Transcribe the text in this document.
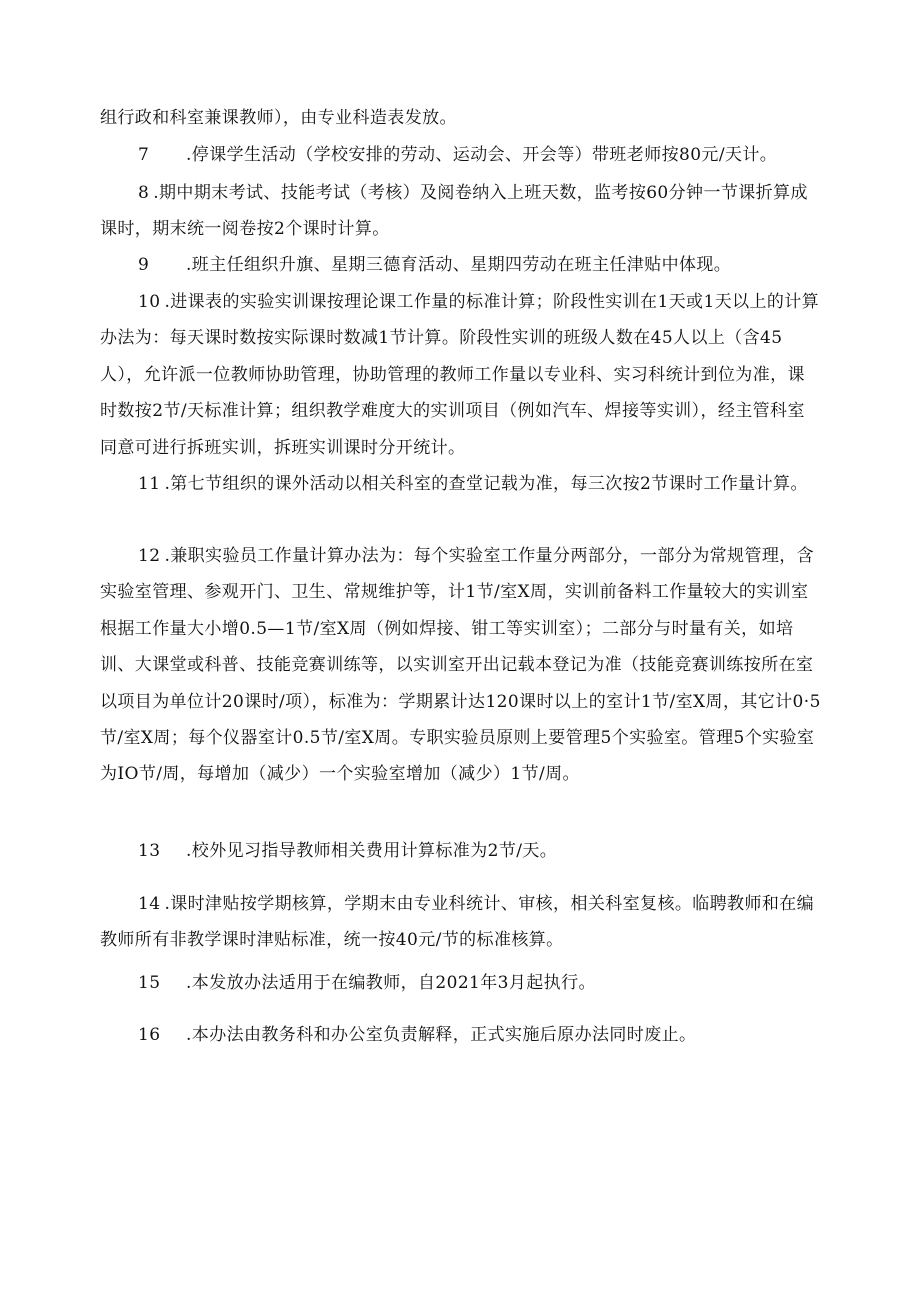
组行政和科室兼课教师），由专业科造表发放。

7 .停课学生活动（学校安排的劳动、运动会、开会等）带班老师按80元/天计。

8 .期中期末考试、技能考试（考核）及阅卷纳入上班天数，监考按60分钟一节课折算成课时，期末统一阅卷按2个课时计算。

9 .班主任组织升旗、星期三德育活动、星期四劳动在班主任津贴中体现。

10 .进课表的实验实训课按理论课工作量的标准计算；阶段性实训在1天或1天以上的计算办法为：每天课时数按实际课时数减1节计算。阶段性实训的班级人数在45人以上（含45人），允许派一位教师协助管理，协助管理的教师工作量以专业科、实习科统计到位为准，课时数按2节/天标准计算；组织教学难度大的实训项目（例如汽车、焊接等实训），经主管科室同意可进行拆班实训，拆班实训课时分开统计。

11 .第七节组织的课外活动以相关科室的查堂记载为准，每三次按2节课时工作量计算。

12 .兼职实验员工作量计算办法为：每个实验室工作量分两部分，一部分为常规管理，含实验室管理、参观开门、卫生、常规维护等，计1节/室X周，实训前备料工作量较大的实训室根据工作量大小增0.5—1节/室X周（例如焊接、钳工等实训室）；二部分与时量有关，如培训、大课堂或科普、技能竞赛训练等，以实训室开出记载本登记为准（技能竞赛训练按所在室以项目为单位计20课时/项），标准为：学期累计达120课时以上的室计1节/室X周，其它计0·5节/室X周；每个仪器室计0.5节/室X周。专职实验员原则上要管理5个实验室。管理5个实验室为IO节/周，每增加（减少）一个实验室增加（减少）1节/周。

13 .校外见习指导教师相关费用计算标准为2节/天。

14 .课时津贴按学期核算，学期末由专业科统计、审核，相关科室复核。临聘教师和在编教师所有非教学课时津贴标准，统一按40元/节的标准核算。

15 .本发放办法适用于在编教师，自2021年3月起执行。

16 .本办法由教务科和办公室负责解释，正式实施后原办法同时废止。
